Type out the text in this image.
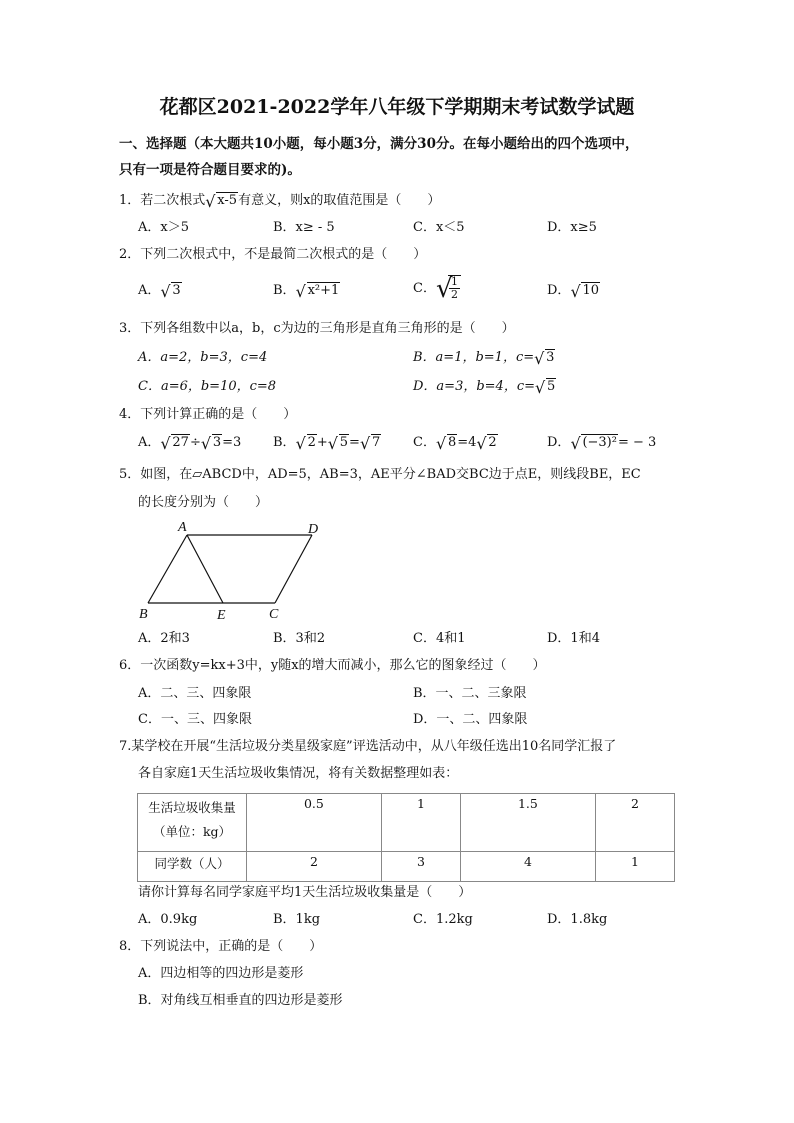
花都区2021-2022学年八年级下学期期末考试数学试题
一、选择题（本大题共10小题，每小题3分，满分30分。在每小题给出的四个选项中，
只有一项是符合题目要求的)。
1．若二次根式 √ x-5有意义，则x的取值范围是（　　）
A．x＞5	B．x≥ - 5	C．x＜5	D．x≥5
2．下列二次根式中，不是最简二次根式的是（　　）
A． √ 3	B． √ x²+1	C． √
$\frac{1}{2}$	D． √ 10
3．下列各组数中以a，b，c为边的三角形是直角三角形的是（　　）
A．a=2，b=3，c=4	B．a=1，b=1，c= √ 3
C．a=6，b=10，c=8	D．a=3，b=4，c= √ 5
4．下列计算正确的是（　　）
A． √ 27÷ √ 3=3 B． √ 2+ √ 5= √ 7	C． √ 8=4 √ 2	D． √ (−3)²= − 3
5．如图，在▱ABCD中，AD=5，AB=3，AE平分∠BAD交BC边于点E，则线段BE，EC
的长度分别为（　　）
A	D
B	E	C
A．2和3	B．3和2	C．4和1	D．1和4
6．一次函数y=kx+3中，y随x的增大而减小，那么它的图象经过（　　）
A．二、三、四象限	B．一、二、三象限
C．一、三、四象限	D．一、二、四象限
7.某学校在开展“生活垃圾分类星级家庭”评选活动中，从八年级任选出10名同学汇报了
各自家庭1天生活垃圾收集情况，将有关数据整理如表：
生活垃圾收集量
（单位：kg）	0.5	1	1.5	2
同学数（人）	2	3	4	1
请你计算每名同学家庭平均1天生活垃圾收集量是（　　）
A．0.9kg	B．1kg	C．1.2kg	D．1.8kg
8．下列说法中，正确的是（　　）
A．四边相等的四边形是菱形
B．对角线互相垂直的四边形是菱形
